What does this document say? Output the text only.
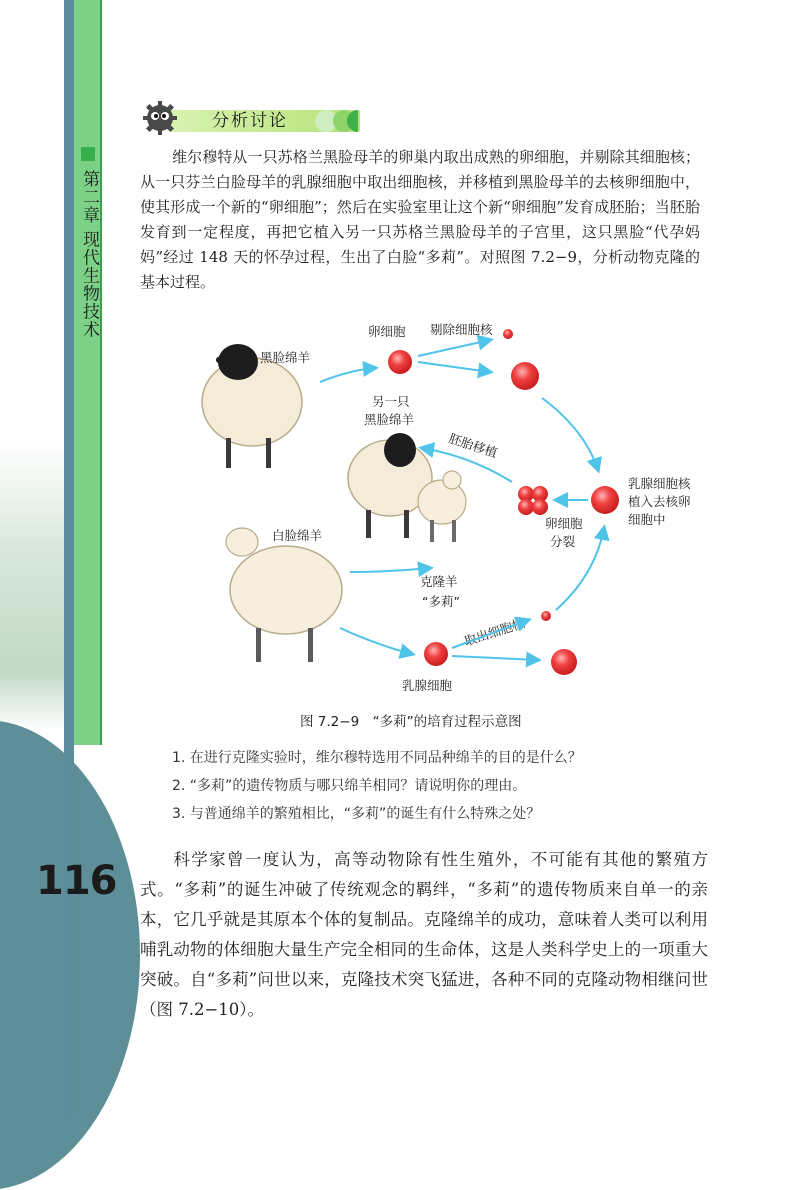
第二章 现代生物技术
116
分析讨论

维尔穆特从一只苏格兰黑脸母羊的卵巢内取出成熟的卵细胞，并剔除其细胞核；从一只芬兰白脸母羊的乳腺细胞中取出细胞核，并移植到黑脸母羊的去核卵细胞中，使其形成一个新的“卵细胞”；然后在实验室里让这个新“卵细胞”发育成胚胎；当胚胎发育到一定程度，再把它植入另一只苏格兰黑脸母羊的子宫里，这只黑脸“代孕妈妈”经过 148 天的怀孕过程，生出了白脸“多莉”。对照图 7.2−9，分析动物克隆的基本过程。

黑脸绵羊
卵细胞 剔除细胞核
乳腺细胞核
植入去核卵
细胞中
卵细胞
分裂
胚胎移植
另一只
黑脸绵羊
白脸绵羊
克隆羊
“多莉”
乳腺细胞
取出细胞核
图 7.2−9　“多莉”的培育过程示意图
1. 在进行克隆实验时，维尔穆特选用不同品种绵羊的目的是什么？
2. “多莉”的遗传物质与哪只绵羊相同？请说明你的理由。
3. 与普通绵羊的繁殖相比，“多莉”的诞生有什么特殊之处？

科学家曾一度认为，高等动物除有性生殖外，不可能有其他的繁殖方式。“多莉”的诞生冲破了传统观念的羁绊，“多莉”的遗传物质来自单一的亲本，它几乎就是其原本个体的复制品。克隆绵羊的成功，意味着人类可以利用哺乳动物的体细胞大量生产完全相同的生命体，这是人类科学史上的一项重大突破。自“多莉”问世以来，克隆技术突飞猛进，各种不同的克隆动物相继问世（图 7.2−10）。
